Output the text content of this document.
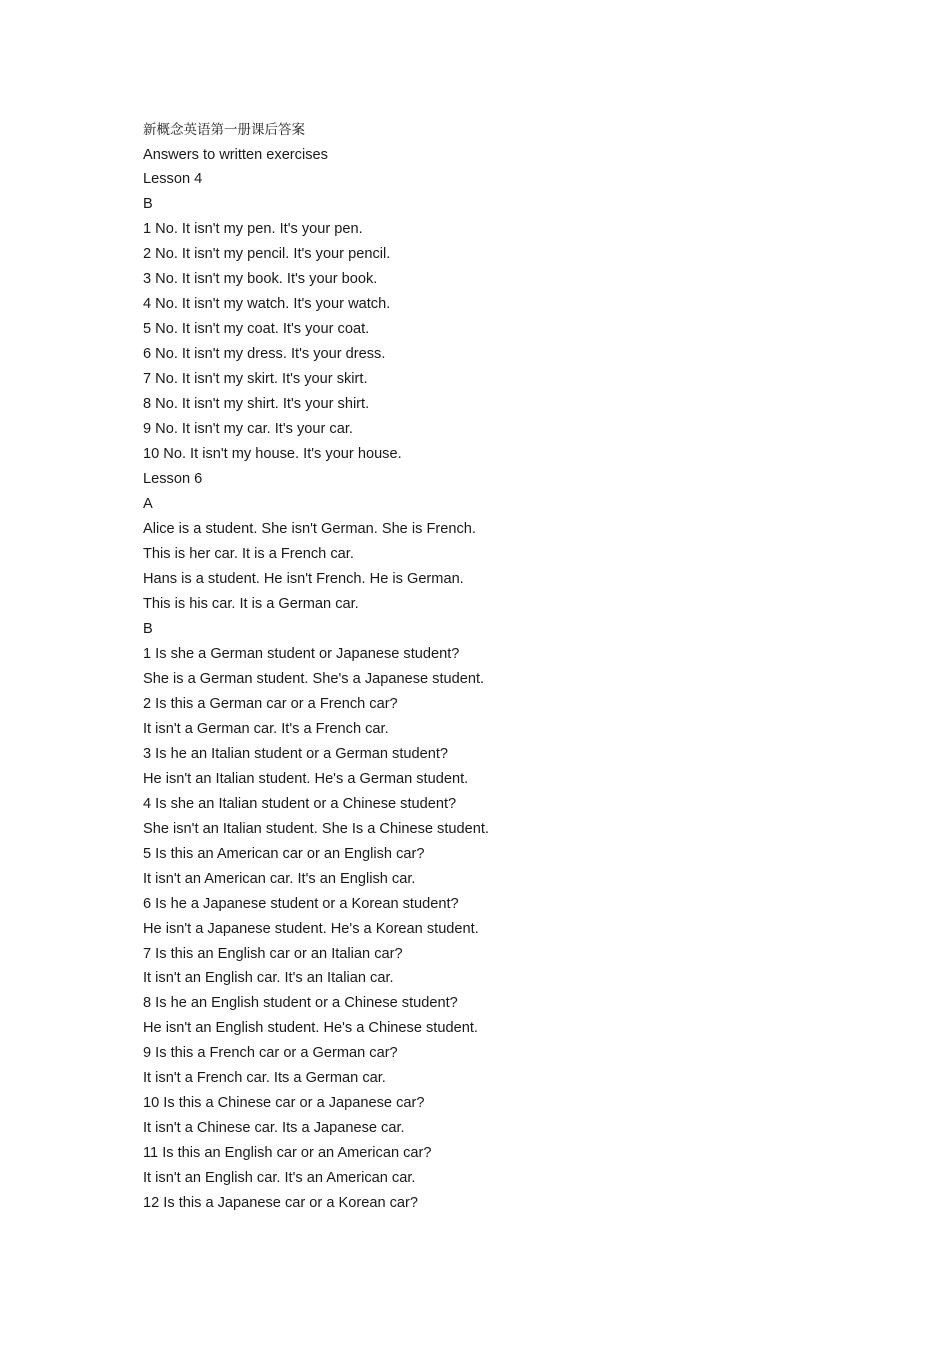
新概念英语第一册课后答案
Answers to written exercises
Lesson 4
B
1 No. It isn't my pen. It's your pen.
2 No. It isn't my pencil. It's your pencil.
3 No. It isn't my book. It's your book.
4 No. It isn't my watch. It's your watch.
5 No. It isn't my coat. It's your coat.
6 No. It isn't my dress. It's your dress.
7 No. It isn't my skirt. It's your skirt.
8 No. It isn't my shirt. It's your shirt.
9 No. It isn't my car. It's your car.
10 No. It isn't my house. It's your house.
Lesson 6
A
Alice is a student. She isn't German. She is French.
This is her car. It is a French car.
Hans is a student. He isn't French. He is German.
This is his car. It is a German car.
B
1 Is she a German student or Japanese student?
She is a German student. She's a Japanese student.
2 Is this a German car or a French car?
It isn't a German car. It's a French car.
3 Is he an Italian student or a German student?
He isn't an Italian student. He's a German student.
4 Is she an Italian student or a Chinese student?
She isn't an Italian student. She Is a Chinese student.
5 Is this an American car or an English car?
It isn't an American car. It's an English car.
6 Is he a Japanese student or a Korean student?
He isn't a Japanese student. He's a Korean student.
7 Is this an English car or an Italian car?
It isn't an English car. It's an Italian car.
8 Is he an English student or a Chinese student?
He isn't an English student. He's a Chinese student.
9 Is this a French car or a German car?
It isn't a French car. Its a German car.
10 Is this a Chinese car or a Japanese car?
It isn't a Chinese car. Its a Japanese car.
11 Is this an English car or an American car?
It isn't an English car. It's an American car.
12 Is this a Japanese car or a Korean car?
